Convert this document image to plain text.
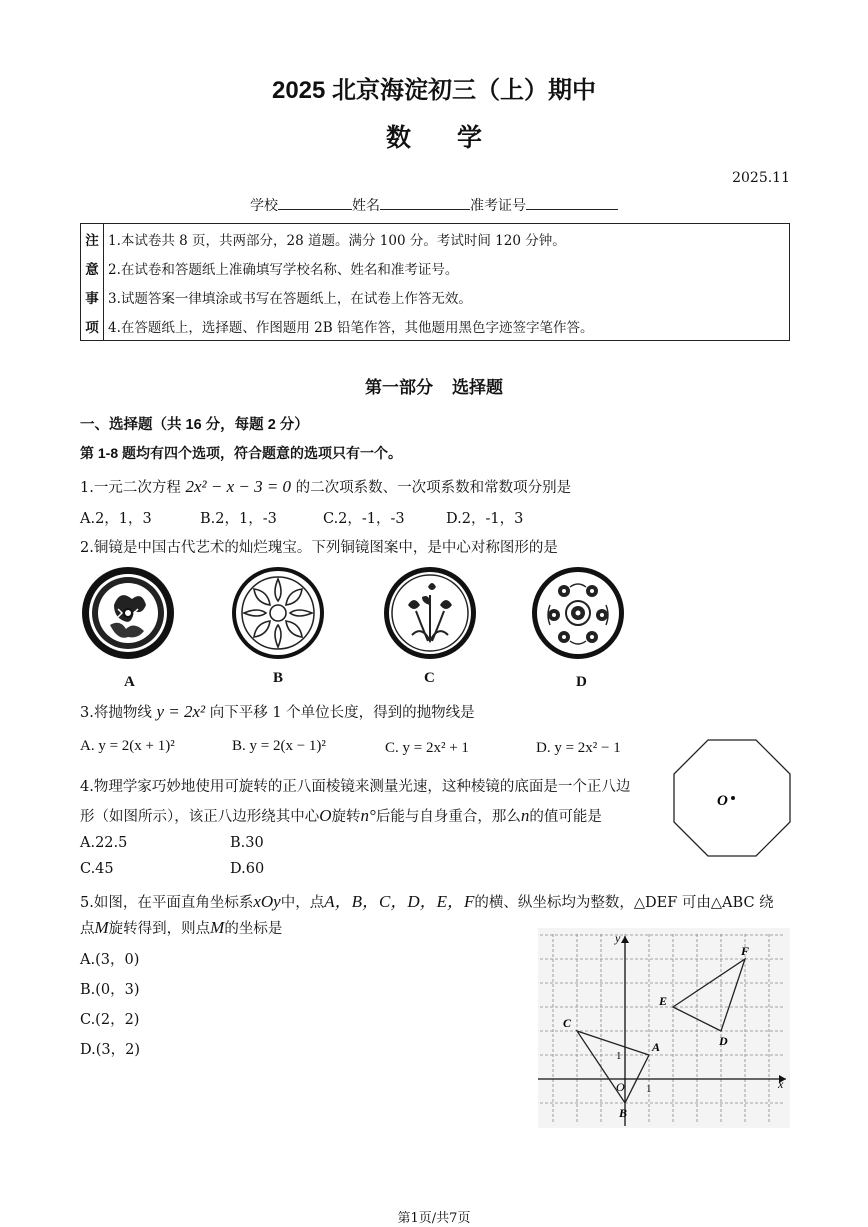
2025 北京海淀初三（上）期中
数学
2025.11
学校	姓名	准考证号
注	1.本试卷共 8 页，共两部分，28 道题。满分 100 分。考试时间 120 分钟。
意	2.在试卷和答题纸上准确填写学校名称、姓名和准考证号。
事	3.试题答案一律填涂或书写在答题纸上，在试卷上作答无效。
项	4.在答题纸上，选择题、作图题用 2B 铅笔作答，其他题用黑色字迹签字笔作答。
第一部分    选择题
一、选择题（共 16 分，每题 2 分）
第 1-8 题均有四个选项，符合题意的选项只有一个。
1.一元二次方程 2x² − x − 3 = 0 的二次项系数、一次项系数和常数项分别是
A.2，1，3	B.2，1，-3	C.2，-1，-3	D.2，-1，3
2.铜镜是中国古代艺术的灿烂瑰宝。下列铜镜图案中，是中心对称图形的是
A	B	C	D
3.将抛物线 y = 2x² 向下平移 1 个单位长度，得到的抛物线是
A. y = 2(x + 1)²	B. y = 2(x − 1)²	C. y = 2x² + 1	D. y = 2x² − 1
4.物理学家巧妙地使用可旋转的正八面棱镜来测量光速，这种棱镜的底面是一个正八边
形（如图所示），该正八边形绕其中心O旋转n°后能与自身重合，那么n的值可能是
A.22.5	B.30
C.45	D.60
O
5.如图，在平面直角坐标系xOy中，点A，B，C，D，E，F的横、纵坐标均为整数，△DEF 可由△ABC 绕
点M旋转得到，则点M的坐标是
A.(3，0)
B.(0，3)
C.(2，2)
D.(3，2)
x
y
O 1
1
A
B
C
D
E
F
第1页/共7页
